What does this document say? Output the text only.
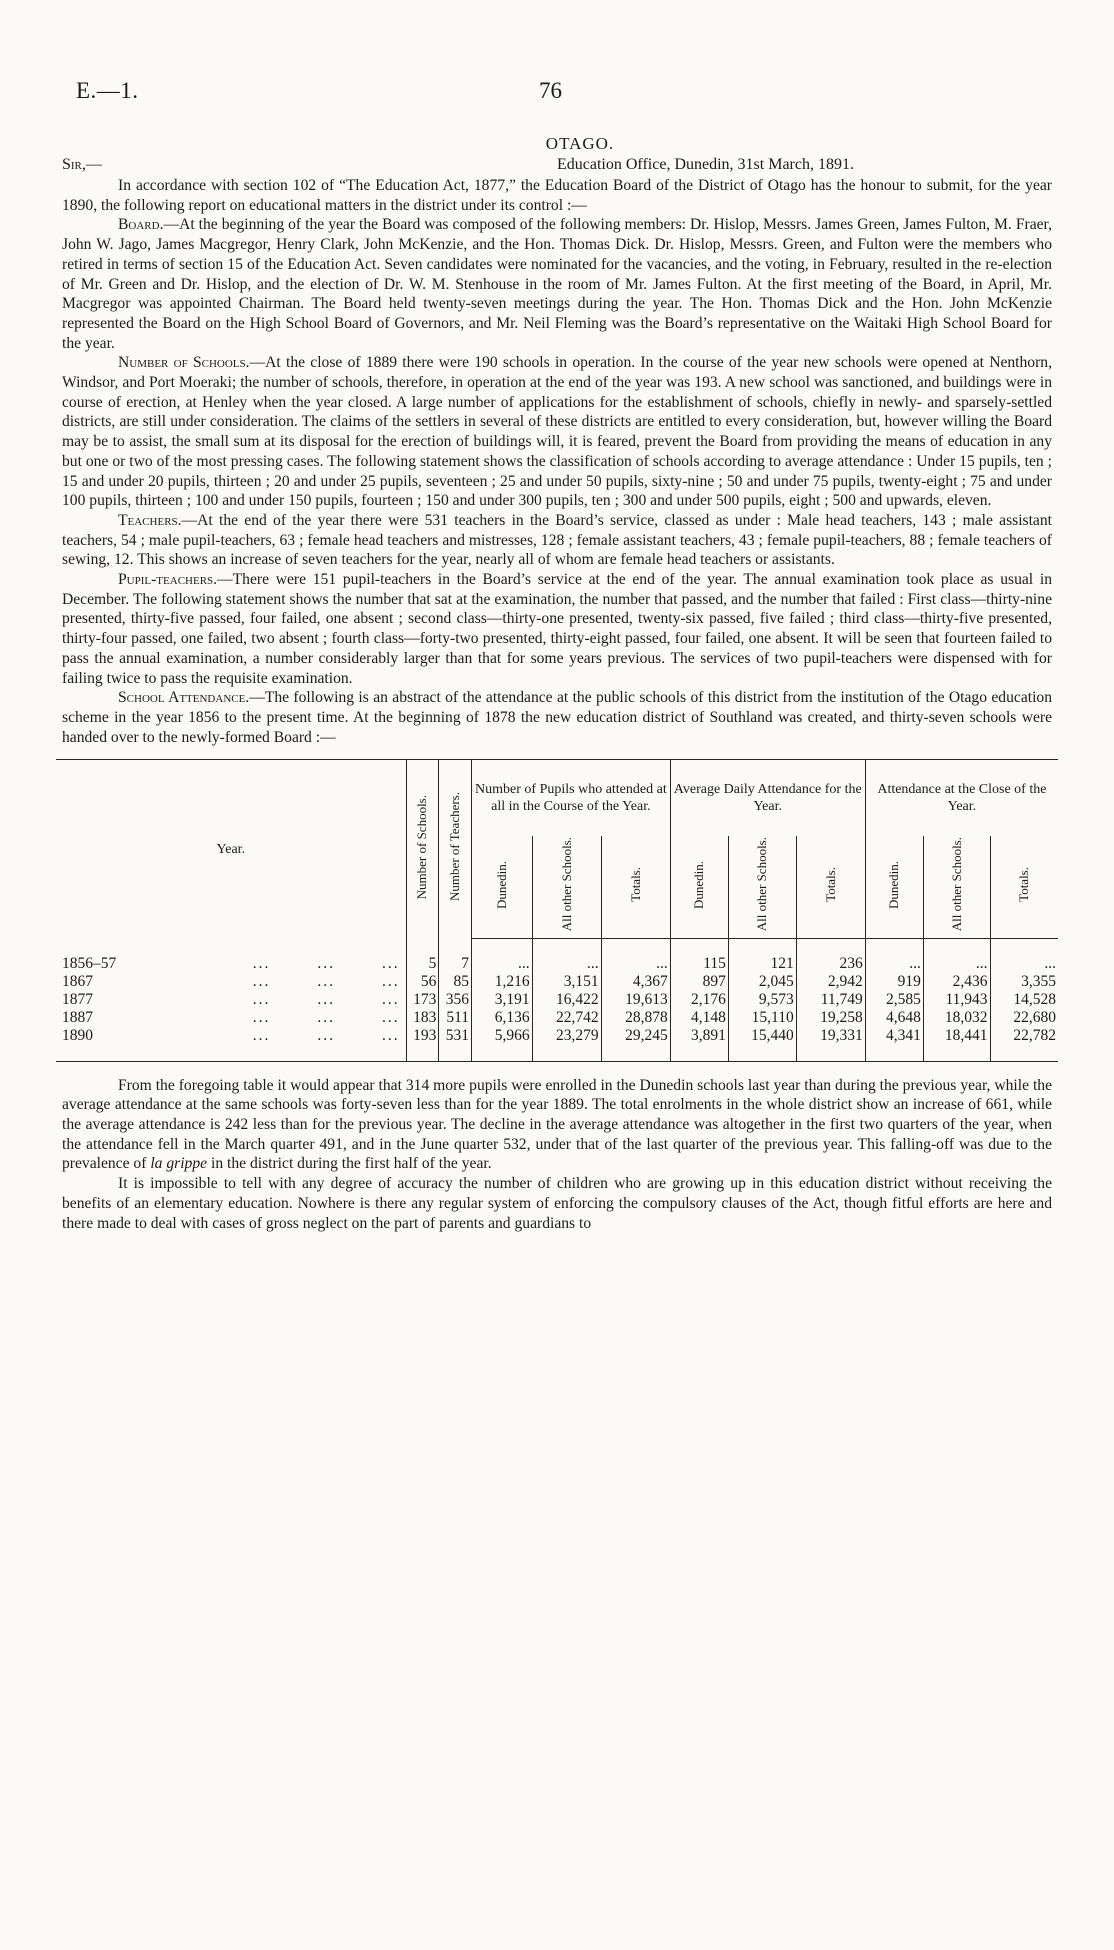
E.—1.	76
OTAGO.
Sir,—	Education Office, Dunedin, 31st March, 1891.

In accordance with section 102 of “The Education Act, 1877,” the Education Board of the District of Otago has the honour to submit, for the year 1890, the following report on educational matters in the district under its control :—

Board.—At the beginning of the year the Board was composed of the following members: Dr. Hislop, Messrs. James Green, James Fulton, M. Fraer, John W. Jago, James Macgregor, Henry Clark, John McKenzie, and the Hon. Thomas Dick. Dr. Hislop, Messrs. Green, and Fulton were the members who retired in terms of section 15 of the Education Act. Seven candidates were nominated for the vacancies, and the voting, in February, resulted in the re-election of Mr. Green and Dr. Hislop, and the election of Dr. W. M. Stenhouse in the room of Mr. James Fulton. At the first meeting of the Board, in April, Mr. Macgregor was appointed Chairman. The Board held twenty-seven meetings during the year. The Hon. Thomas Dick and the Hon. John McKenzie represented the Board on the High School Board of Governors, and Mr. Neil Fleming was the Board’s representative on the Waitaki High School Board for the year.

Number of Schools.—At the close of 1889 there were 190 schools in operation. In the course of the year new schools were opened at Nenthorn, Windsor, and Port Moeraki; the number of schools, therefore, in operation at the end of the year was 193. A new school was sanctioned, and buildings were in course of erection, at Henley when the year closed. A large number of applications for the establishment of schools, chiefly in newly- and sparsely-settled districts, are still under consideration. The claims of the settlers in several of these districts are entitled to every consideration, but, however willing the Board may be to assist, the small sum at its disposal for the erection of buildings will, it is feared, prevent the Board from providing the means of education in any but one or two of the most pressing cases. The following statement shows the classification of schools according to average attendance : Under 15 pupils, ten ; 15 and under 20 pupils, thirteen ; 20 and under 25 pupils, seventeen ; 25 and under 50 pupils, sixty-nine ; 50 and under 75 pupils, twenty-eight ; 75 and under 100 pupils, thirteen ; 100 and under 150 pupils, fourteen ; 150 and under 300 pupils, ten ; 300 and under 500 pupils, eight ; 500 and upwards, eleven.

Teachers.—At the end of the year there were 531 teachers in the Board’s service, classed as under : Male head teachers, 143 ; male assistant teachers, 54 ; male pupil-teachers, 63 ; female head teachers and mistresses, 128 ; female assistant teachers, 43 ; female pupil-teachers, 88 ; female teachers of sewing, 12. This shows an increase of seven teachers for the year, nearly all of whom are female head teachers or assistants.

Pupil-teachers.—There were 151 pupil-teachers in the Board’s service at the end of the year. The annual examination took place as usual in December. The following statement shows the number that sat at the examination, the number that passed, and the number that failed : First class—thirty-nine presented, thirty-five passed, four failed, one absent ; second class—thirty-one presented, twenty-six passed, five failed ; third class—thirty-five presented, thirty-four passed, one failed, two absent ; fourth class—forty-two presented, thirty-eight passed, four failed, one absent. It will be seen that fourteen failed to pass the annual examination, a number considerably larger than that for some years previous. The services of two pupil-teachers were dispensed with for failing twice to pass the requisite examination.

School Attendance.—The following is an abstract of the attendance at the public schools of this district from the institution of the Otago education scheme in the year 1856 to the present time. At the beginning of 1878 the new education district of Southland was created, and thirty-seven schools were handed over to the newly-formed Board :—

Year.	Number of Schools.	Number of Teachers.	Number of Pupils who attended at all in the Course of the Year.			Average Daily Attendance for the Year.			Attendance at the Close of the Year.		
			Dunedin.	All other Schools.	Totals.	Dunedin.	All other Schools.	Totals.	Dunedin.	All other Schools.	Totals.

1856–57 ...        ...        ...	5	7	...	...	...	115	121	236	...	...	...
1867 ...        ...        ...	56	85	1,216	3,151	4,367	897	2,045	2,942	919	2,436	3,355
1877 ...        ...        ...	173	356	3,191	16,422	19,613	2,176	9,573	11,749	2,585	11,943	14,528
1887 ...        ...        ...	183	511	6,136	22,742	28,878	4,148	15,110	19,258	4,648	18,032	22,680
1890 ...        ...        ...	193	531	5,966	23,279	29,245	3,891	15,440	19,331	4,341	18,441	22,782

From the foregoing table it would appear that 314 more pupils were enrolled in the Dunedin schools last year than during the previous year, while the average attendance at the same schools was forty-seven less than for the year 1889. The total enrolments in the whole district show an increase of 661, while the average attendance is 242 less than for the previous year. The decline in the average attendance was altogether in the first two quarters of the year, when the attendance fell in the March quarter 491, and in the June quarter 532, under that of the last quarter of the previous year. This falling-off was due to the prevalence of la grippe in the district during the first half of the year.

It is impossible to tell with any degree of accuracy the number of children who are growing up in this education district without receiving the benefits of an elementary education. Nowhere is there any regular system of enforcing the compulsory clauses of the Act, though fitful efforts are here and there made to deal with cases of gross neglect on the part of parents and guardians to
